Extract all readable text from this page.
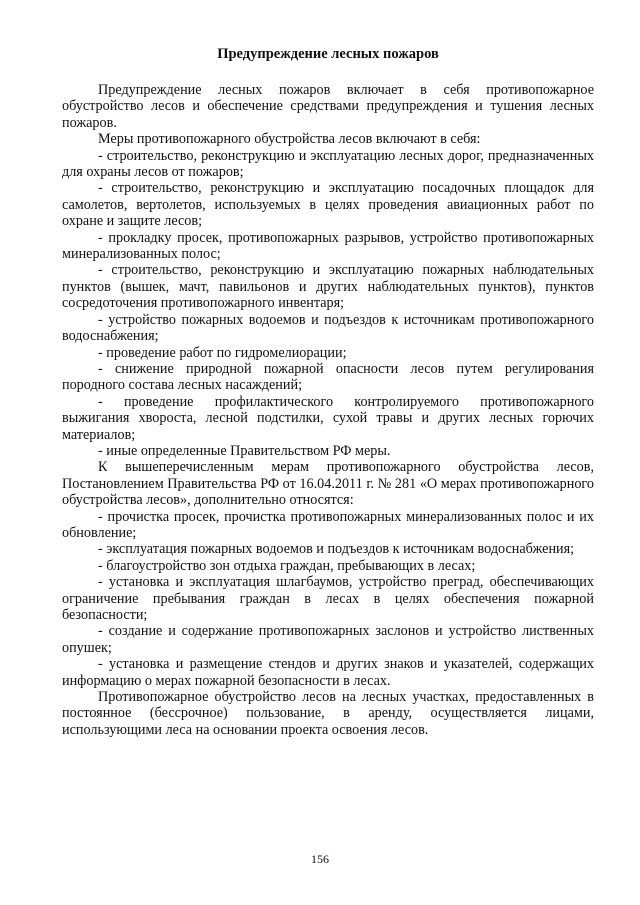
Предупреждение лесных пожаров

Предупреждение лесных пожаров включает в себя противопожарное обустройство лесов и обеспечение средствами предупреждения и тушения лесных пожаров.

Меры противопожарного обустройства лесов включают в себя:

- строительство, реконструкцию и эксплуатацию лесных дорог, предназначенных для охраны лесов от пожаров;

- строительство, реконструкцию и эксплуатацию посадочных площадок для самолетов, вертолетов, используемых в целях проведения авиационных работ по охране и защите лесов;

- прокладку просек, противопожарных разрывов, устройство противопожарных минерализованных полос;

- строительство, реконструкцию и эксплуатацию пожарных наблюдательных пунктов (вышек, мачт, павильонов и других наблюдательных пунктов), пунктов сосредоточения противопожарного инвентаря;

- устройство пожарных водоемов и подъездов к источникам противопожарного водоснабжения;

- проведение работ по гидромелиорации;

- снижение природной пожарной опасности лесов путем регулирования породного состава лесных насаждений;

- проведение профилактического контролируемого противопожарного выжигания хвороста, лесной подстилки, сухой травы и других лесных горючих материалов;

- иные определенные Правительством РФ меры.

К вышеперечисленным мерам противопожарного обустройства лесов, Постановлением Правительства РФ от 16.04.2011 г. № 281 «О мерах противопожарного обустройства лесов», дополнительно относятся:

- прочистка просек, прочистка противопожарных минерализованных полос и их обновление;

- эксплуатация пожарных водоемов и подъездов к источникам водоснабжения;

- благоустройство зон отдыха граждан, пребывающих в лесах;

- установка и эксплуатация шлагбаумов, устройство преград, обеспечивающих ограничение пребывания граждан в лесах в целях обеспечения пожарной безопасности;

- создание и содержание противопожарных заслонов и устройство лиственных опушек;

- установка и размещение стендов и других знаков и указателей, содержащих информацию о мерах пожарной безопасности в лесах.

Противопожарное обустройство лесов на лесных участках, предоставленных в постоянное (бессрочное) пользование, в аренду, осуществляется лицами, использующими леса на основании проекта освоения лесов.

156
